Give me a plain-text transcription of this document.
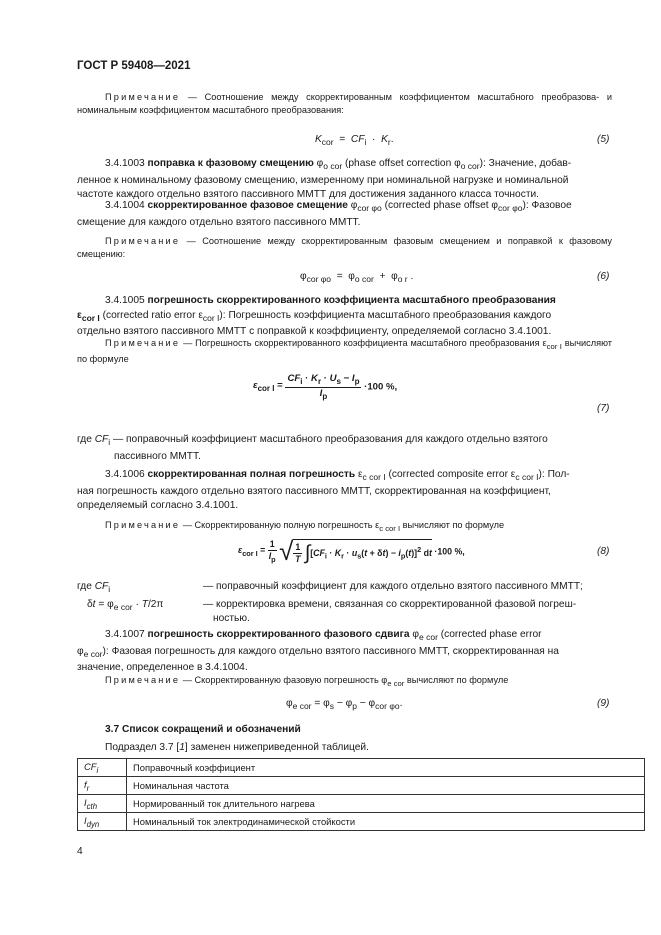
ГОСТ Р 59408—2021
Примечание — Соотношение между скорректированным коэффициентом масштабного преобразова- и номинальным коэффициентом масштабного преобразования:
$K_{cor} = CF_i \cdot K_r$.	(5)
3.4.1003 поправка к фазовому смещению $\varphi_{o cor}$ (phase offset correction $\varphi_{o cor}$): Значение, добав-
ленное к номинальному фазовому смещению, измеренному при номинальной нагрузке и номинальной
частоте каждого отдельно взятого пассивного ММТТ для достижения заданного класса точности.
3.4.1004 скорректированное фазовое смещение $\varphi_{cor \varphi o}$ (corrected phase offset $\varphi_{cor \varphi o}$): Фазовое
смещение для каждого отдельно взятого пассивного ММТТ.
Примечание — Соотношение между скорректированным фазовым смещением и поправкой к фазовому смещению:
$\varphi_{cor \varphi o} = \varphi_{o cor} + \varphi_{o r}$ .	(6)
3.4.1005 погрешность скорректированного коэффициента масштабного преобразования
$\varepsilon_{cor I}$ (corrected ratio error $\varepsilon_{cor I}$): Погрешность коэффициента масштабного преобразования каждого
отдельно взятого пассивного ММТТ с поправкой к коэффициенту, определяемой согласно 3.4.1001.
Примечание — Погрешность скорректированного коэффициента масштабного преобразования $\varepsilon_{cor I}$ вычисляют по формуле
$\varepsilon_{cor I}$ =
$CF_i \cdot K_r \cdot U_s - I_p$
$I_p$
·100 %,
(7)
где $CF_i$ — поправочный коэффициент масштабного преобразования для каждого отдельно взятого
пассивного ММТТ.
3.4.1006 скорректированная полная погрешность $\varepsilon_{c cor I}$ (corrected composite error $\varepsilon_{c cor I}$): Пол-
ная погрешность каждого отдельно взятого пассивного ММТТ, скорректированная на коэффициент,
определяемый согласно 3.4.1001.
Примечание — Скорректированную полную погрешность $\varepsilon_{c cor I}$ вычисляют по формуле
$\varepsilon_{cor I} = \frac{1}{I_p}$ √ $\frac{1}{T} \int[CF_i \cdot K_r \cdot u_s(t + \delta t) - i_p(t)]^2$ dt ·100 %,	(8)
где $CF_i$	— поправочный коэффициент для каждого отдельно взятого пассивного ММТТ;
$\delta t = \varphi_{e cor} \cdot T/2\pi$	— корректировка времени, связанная со скорректированной фазовой погреш-
ностью.
3.4.1007 погрешность скорректированного фазового сдвига $\varphi_{e cor}$ (corrected phase error
$\varphi_{e cor}$): Фазовая погрешность для каждого отдельно взятого пассивного ММТТ, скорректированная на
значение, определенное в 3.4.1004.
Примечание — Скорректированную фазовую погрешность $\varphi_{e cor}$ вычисляют по формуле
$\varphi_{e cor} = \varphi_s - \varphi_p - \varphi_{cor \varphi o}$.	(9)
3.7 Список сокращений и обозначений
Подраздел 3.7 [1] заменен нижеприведенной таблицей.
$CF_i$	Поправочный коэффициент
$f_r$	Номинальная частота
$I_{cth}$	Нормированный ток длительного нагрева
$I_{dyn}$	Номинальный ток электродинамической стойкости
4
